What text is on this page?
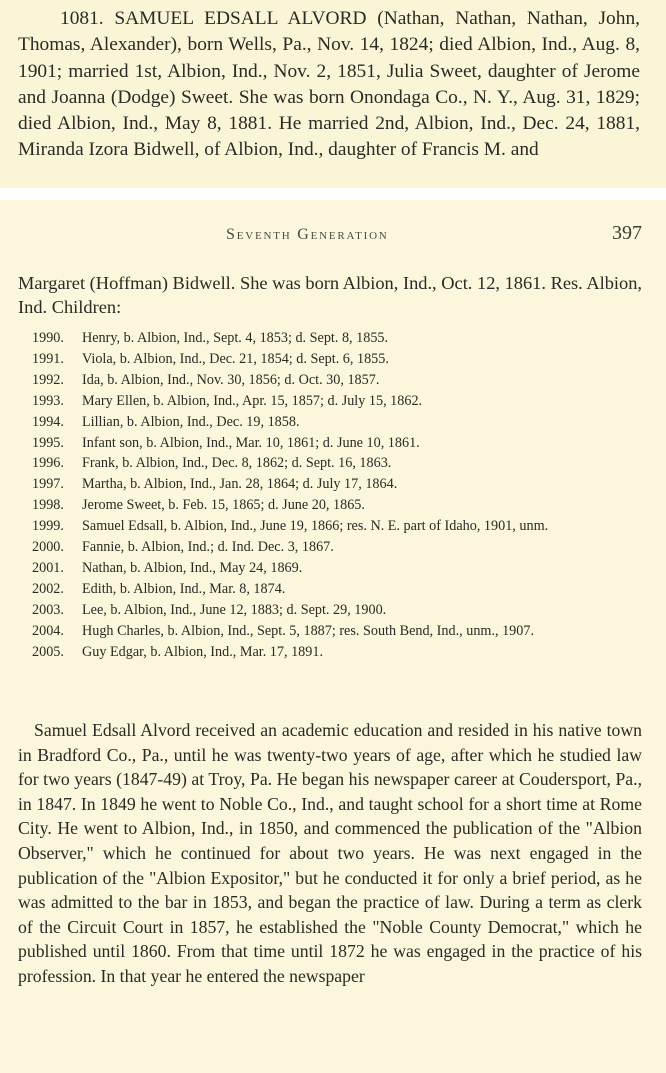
1081. SAMUEL EDSALL ALVORD (Nathan, Nathan, Nathan, John, Thomas, Alexander), born Wells, Pa., Nov. 14, 1824; died Albion, Ind., Aug. 8, 1901; married 1st, Albion, Ind., Nov. 2, 1851, Julia Sweet, daughter of Jerome and Joanna (Dodge) Sweet. She was born Onondaga Co., N. Y., Aug. 31, 1829; died Albion, Ind., May 8, 1881. He married 2nd, Albion, Ind., Dec. 24, 1881, Miranda Izora Bidwell, of Albion, Ind., daughter of Francis M. and

Seventh Generation	397

Margaret (Hoffman) Bidwell. She was born Albion, Ind., Oct. 12, 1861. Res. Albion, Ind. Children:

1990.	Henry, b. Albion, Ind., Sept. 4, 1853; d. Sept. 8, 1855.
1991.	Viola, b. Albion, Ind., Dec. 21, 1854; d. Sept. 6, 1855.
1992.	Ida, b. Albion, Ind., Nov. 30, 1856; d. Oct. 30, 1857.
1993.	Mary Ellen, b. Albion, Ind., Apr. 15, 1857; d. July 15, 1862.
1994.	Lillian, b. Albion, Ind., Dec. 19, 1858.
1995.	Infant son, b. Albion, Ind., Mar. 10, 1861; d. June 10, 1861.
1996.	Frank, b. Albion, Ind., Dec. 8, 1862; d. Sept. 16, 1863.
1997.	Martha, b. Albion, Ind., Jan. 28, 1864; d. July 17, 1864.
1998.	Jerome Sweet, b. Feb. 15, 1865; d. June 20, 1865.
1999.	Samuel Edsall, b. Albion, Ind., June 19, 1866; res. N. E. part of Idaho, 1901, unm.
2000.	Fannie, b. Albion, Ind.; d. Ind. Dec. 3, 1867.
2001.	Nathan, b. Albion, Ind., May 24, 1869.
2002.	Edith, b. Albion, Ind., Mar. 8, 1874.
2003.	Lee, b. Albion, Ind., June 12, 1883; d. Sept. 29, 1900.
2004.	Hugh Charles, b. Albion, Ind., Sept. 5, 1887; res. South Bend, Ind., unm., 1907.
2005.	Guy Edgar, b. Albion, Ind., Mar. 17, 1891.

Samuel Edsall Alvord received an academic education and resided in his native town in Bradford Co., Pa., until he was twenty-two years of age, after which he studied law for two years (1847-49) at Troy, Pa. He began his newspaper career at Coudersport, Pa., in 1847. In 1849 he went to Noble Co., Ind., and taught school for a short time at Rome City. He went to Albion, Ind., in 1850, and commenced the publication of the "Albion Observer," which he continued for about two years. He was next engaged in the publication of the "Albion Expositor," but he conducted it for only a brief period, as he was admitted to the bar in 1853, and began the practice of law. During a term as clerk of the Circuit Court in 1857, he established the "Noble County Democrat," which he published until 1860. From that time until 1872 he was engaged in the practice of his profession. In that year he entered the newspaper
